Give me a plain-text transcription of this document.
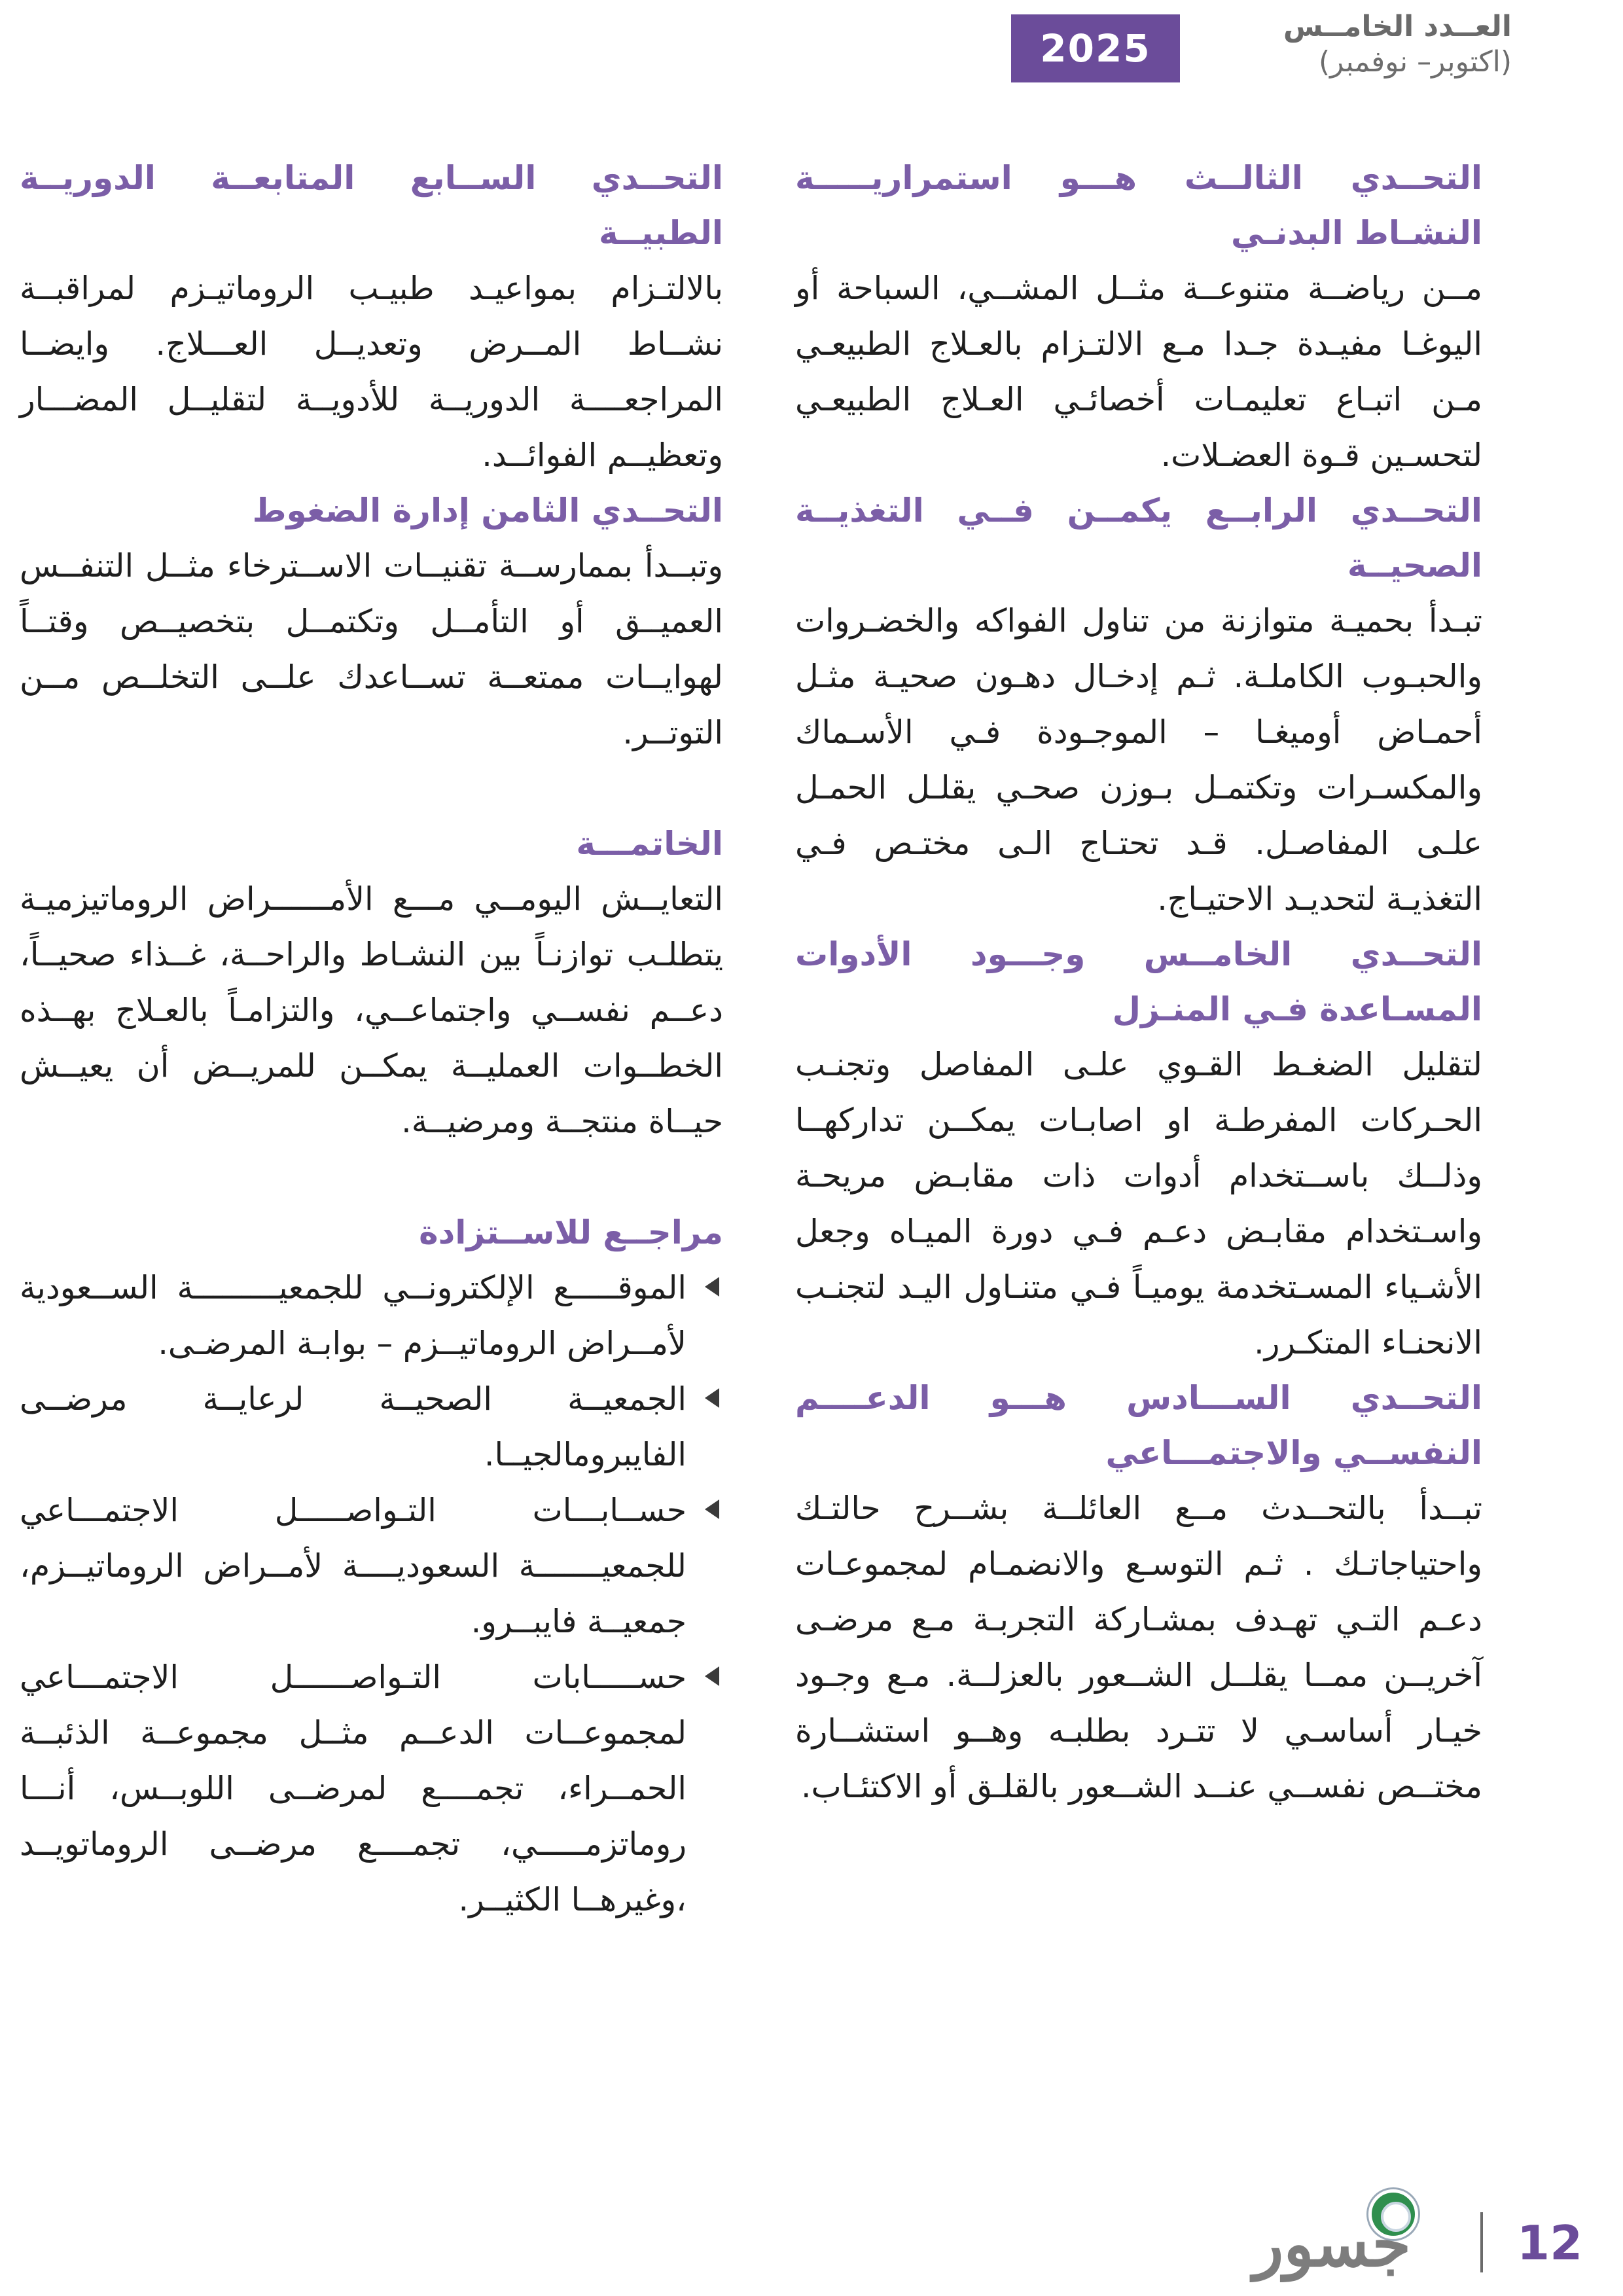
العــدد الخامــس
(اكتوبر– نوفمبر)
2025
التحــدي الثالــث هـــو استمراريـــــة النشـاط البدنـي

مــن رياضــة متنوعــة مثــل المشــي، السباحة أو اليوغـا مفيـدة جـدا مـع الالتـزام بالعـلاج الطبيعـي مـن اتبـاع تعليمـات أخصائـي العـلاج الطبيعـي لتحسـين قـوة العضـلات.

التحــدي الرابــع يكمــن فــي التغذيــة الصحيــة

تبـدأ بحميـة متوازنة من تناول الفواكه والخضـروات والحبـوب الكاملـة. ثـم إدخـال دهـون صحيـة مثـل أحمـاض أوميغـا – الموجـودة فـي الأسـماك والمكسـرات وتكتمـل بـوزن صحـي يقلـل الحمـل علـى المفاصـل. قـد تحتـاج الـى مختـص فـي التغذيـة لتحديـد الاحتيـاج.

التحــدي الخامــس وجـــود الأدوات المسـاعدة فـي المنـزل

لتقليل الضغـط القـوي علـى المفاصل وتجنـب الحـركات المفرطـة او اصابـات يمكــن تداركهــا وذلــك باســتخدام أدوات ذات مقابـض مريحـة واسـتخدام مقابـض دعـم فـي دورة الميـاه وجعل الأشـياء المسـتخدمة يوميـاً فـي متنـاول اليـد لتجنـب الانحنـاء المتكـرر.

التحــدي الســـادس هـــو الدعــــم النفســي والاجتمـــاعي

تبــدأ بالتحــدث مــع العائلــة بشــرح حالتـك واحتياجاتـك . ثـم التوسـع والانضمـام لمجموعـات دعـم التـي تهـدف بمشـاركة التجربـة مـع مرضـى آخريــن ممــا يقلــل الشــعور بالعزلــة. مـع وجـود خيـار أساسـي لا تتـرد بطلبـه وهــو استشــارة مختــص نفســي عنــد الشــعور بالقلـق أو الاكتئـاب.

التحــدي الســابع المتابعــة الدوريــة الطبيــة

بالالتـزام بمواعيـد طبيـب الروماتيـزم لمراقبــة نشــاط المــرض وتعديــل العـــلاج. وايضــا المراجعــــة الدوريــة للأدويــة لتقليــل المضـــار وتعظيــم الفوائــد.

التحــدي الثامن إدارة الضغوط

وتبــدأ بممارســة تقنيــات الاســترخاء مثــل التنفــس العميــق أو التأمــل وتكتمــل بتخصيــص وقتــاً لهوايــات ممتعــة تســاعدك علــى التخلــص مــن التوتــر.

الخاتمـــة

التعايــش اليومــي مـــع الأمــــــراض الروماتيزميـة يتطلـب توازنـاً بين النشـاط والراحــة، غــذاء صحيــاً، دعــم نفســي واجتماعــي، والتزامـاً بالعـلاج بهــذه الخطــوات العمليــة يمكــن للمريــض أن يعيــش حيــاة منتجــة ومرضيــة.

مراجــع للاســتزادة
الموقـــــع الإلكترونــي للجمعيـــــــــة الســعودية لأمــراض الروماتيــزم – بوابـة المرضـى.
الجمعيــة الصحيــة لرعايــة مرضــى الفايبرومالجيــا.
حســابـــات التـواصـــــل الاجتمـــاعي للجمعيـــــــة السعوديــــة لأمــراض الروماتيــزم، جمعيــة فايبــرو.
حســـــابات التـواصــــــل الاجتمـــاعي لمجموعــات الدعــم مثــل مجموعــة الذئبــة الحمــراء، تجمــــع لمرضــى اللوبــس، أنـــا روماتزمـــــي، تجمــــع مرضــى الروماتويــد ،وغيرهــا الكثيــر.
جسور 12
